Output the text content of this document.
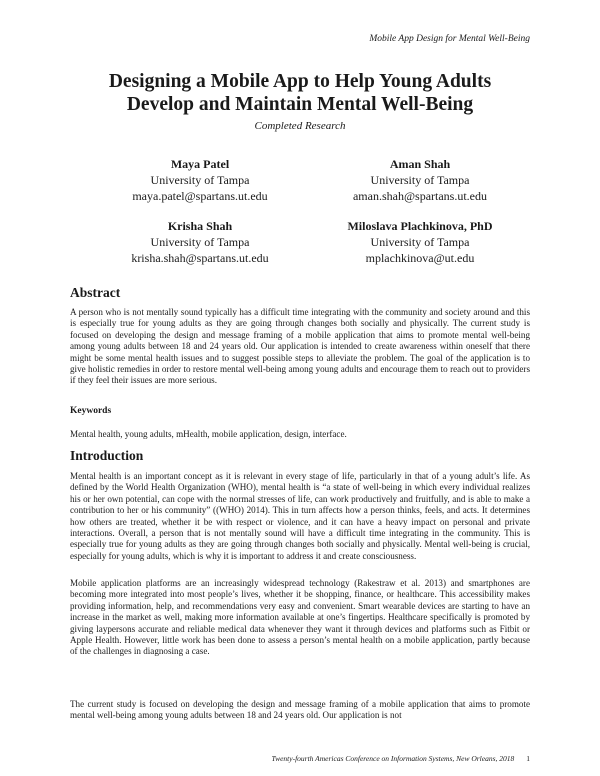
Mobile App Design for Mental Well-Being
Designing a Mobile App to Help Young Adults
Develop and Maintain Mental Well-Being
Completed Research
Maya Patel
University of Tampa
maya.patel@spartans.ut.edu
Aman Shah
University of Tampa
aman.shah@spartans.ut.edu
Krisha Shah
University of Tampa
krisha.shah@spartans.ut.edu
Miloslava Plachkinova, PhD
University of Tampa
mplachkinova@ut.edu
Abstract
A person who is not mentally sound typically has a difficult time integrating with the community and society around and this is especially true for young adults as they are going through changes both socially and physically. The current study is focused on developing the design and message framing of a mobile application that aims to promote mental well-being among young adults between 18 and 24 years old. Our application is intended to create awareness within oneself that there might be some mental health issues and to suggest possible steps to alleviate the problem. The goal of the application is to give holistic remedies in order to restore mental well-being among young adults and encourage them to reach out to providers if they feel their issues are more serious.
Keywords
Mental health, young adults, mHealth, mobile application, design, interface.
Introduction
Mental health is an important concept as it is relevant in every stage of life, particularly in that of a young adult’s life. As defined by the World Health Organization (WHO), mental health is “a state of well-being in which every individual realizes his or her own potential, can cope with the normal stresses of life, can work productively and fruitfully, and is able to make a contribution to her or his community” ((WHO) 2014). This in turn affects how a person thinks, feels, and acts. It determines how others are treated, whether it be with respect or violence, and it can have a heavy impact on personal and private interactions. Overall, a person that is not mentally sound will have a difficult time integrating in the community. This is especially true for young adults as they are going through changes both socially and physically. Mental well-being is crucial, especially for young adults, which is why it is important to address it and create consciousness.
Mobile application platforms are an increasingly widespread technology (Rakestraw et al. 2013) and smartphones are becoming more integrated into most people’s lives, whether it be shopping, finance, or healthcare. This accessibility makes providing information, help, and recommendations very easy and convenient. Smart wearable devices are starting to have an increase in the market as well, making more information available at one’s fingertips. Healthcare specifically is promoted by giving laypersons accurate and reliable medical data whenever they want it through devices and platforms such as Fitbit or Apple Health. However, little work has been done to assess a person’s mental health on a mobile application, partly because of the challenges in diagnosing a case.
The current study is focused on developing the design and message framing of a mobile application that aims to promote mental well-being among young adults between 18 and 24 years old. Our application is not
Twenty-fourth Americas Conference on Information Systems, New Orleans, 2018 1
